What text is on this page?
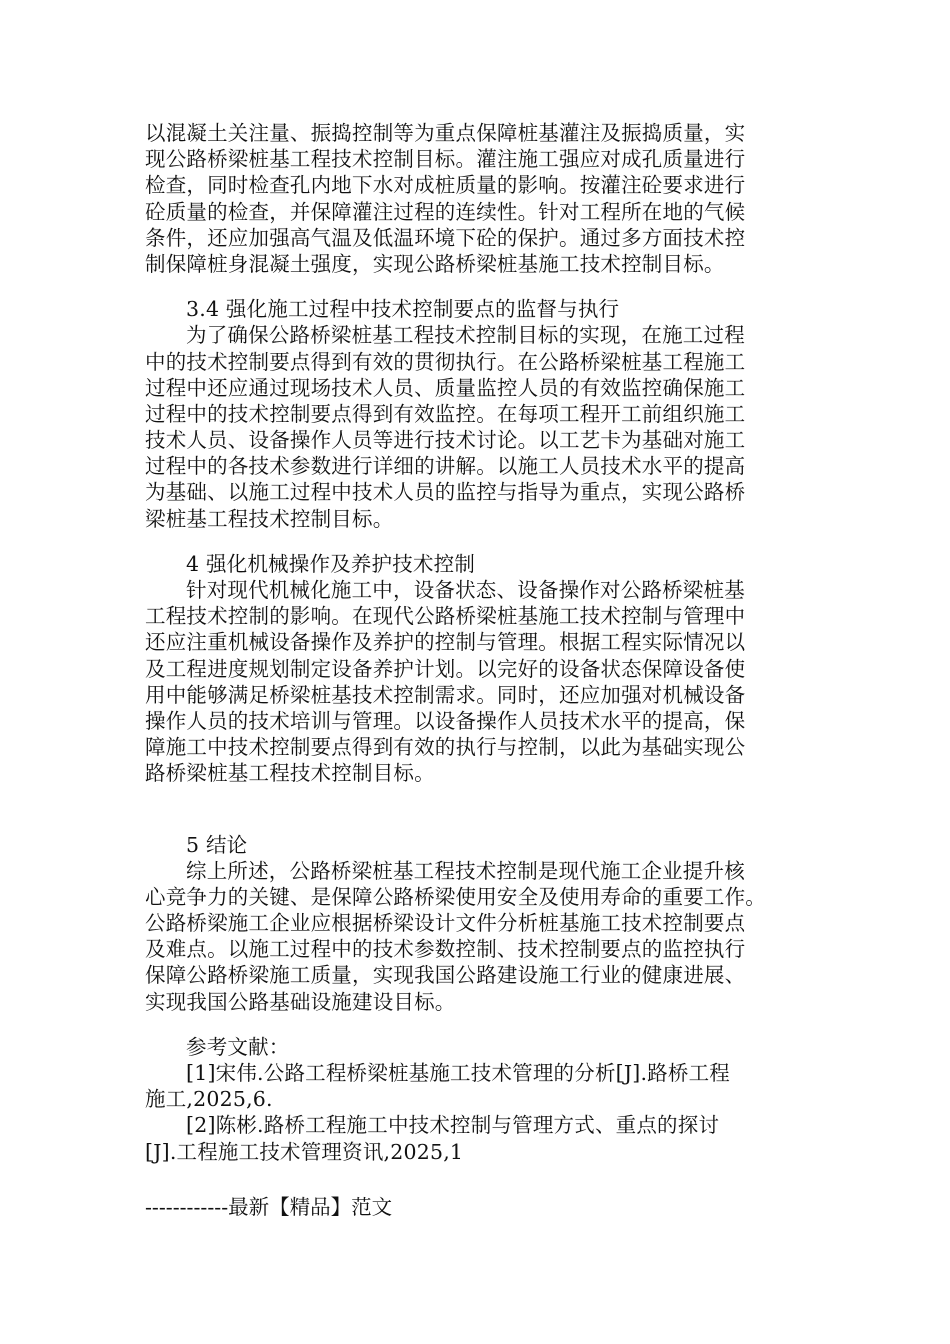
以混凝土关注量、振捣控制等为重点保障桩基灌注及振捣质量，实
现公路桥梁桩基工程技术控制目标。灌注施工强应对成孔质量进行
检查，同时检查孔内地下水对成桩质量的影响。按灌注砼要求进行
砼质量的检查，并保障灌注过程的连续性。针对工程所在地的气候
条件，还应加强高气温及低温环境下砼的保护。通过多方面技术控
制保障桩身混凝土强度，实现公路桥梁桩基施工技术控制目标。
3.4 强化施工过程中技术控制要点的监督与执行
为了确保公路桥梁桩基工程技术控制目标的实现，在施工过程
中的技术控制要点得到有效的贯彻执行。在公路桥梁桩基工程施工
过程中还应通过现场技术人员、质量监控人员的有效监控确保施工
过程中的技术控制要点得到有效监控。在每项工程开工前组织施工
技术人员、设备操作人员等进行技术讨论。以工艺卡为基础对施工
过程中的各技术参数进行详细的讲解。以施工人员技术水平的提高
为基础、以施工过程中技术人员的监控与指导为重点，实现公路桥
梁桩基工程技术控制目标。
4 强化机械操作及养护技术控制
针对现代机械化施工中，设备状态、设备操作对公路桥梁桩基
工程技术控制的影响。在现代公路桥梁桩基施工技术控制与管理中
还应注重机械设备操作及养护的控制与管理。根据工程实际情况以
及工程进度规划制定设备养护计划。以完好的设备状态保障设备使
用中能够满足桥梁桩基技术控制需求。同时，还应加强对机械设备
操作人员的技术培训与管理。以设备操作人员技术水平的提高，保
障施工中技术控制要点得到有效的执行与控制，以此为基础实现公
路桥梁桩基工程技术控制目标。
5 结论
综上所述，公路桥梁桩基工程技术控制是现代施工企业提升核
心竞争力的关键、是保障公路桥梁使用安全及使用寿命的重要工作。
公路桥梁施工企业应根据桥梁设计文件分析桩基施工技术控制要点
及难点。以施工过程中的技术参数控制、技术控制要点的监控执行
保障公路桥梁施工质量，实现我国公路建设施工行业的健康进展、
实现我国公路基础设施建设目标。
参考文献：
[1]宋伟.公路工程桥梁桩基施工技术管理的分析[J].路桥工程
施工,2025,6.
[2]陈彬.路桥工程施工中技术控制与管理方式、重点的探讨
[J].工程施工技术管理资讯,2025,1
------------最新【精品】范文
